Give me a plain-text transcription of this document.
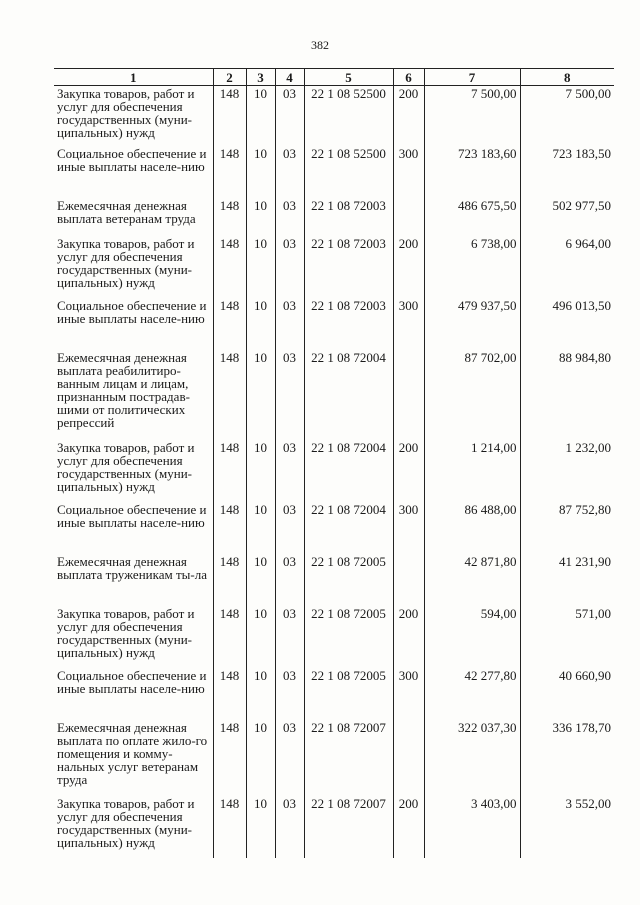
382
1	2	3	4	5	6	7	8
Закупка товаров, работ и услуг для обеспечения государственных (муни-ципальных) нужд	148	10	03	22 1 08 52500	200	7 500,00	7 500,00
Социальное обеспечение и иные выплаты населе-нию	148	10	03	22 1 08 52500	300	723 183,60	723 183,50
Ежемесячная денежная выплата ветеранам труда	148	10	03	22 1 08 72003		486 675,50	502 977,50
Закупка товаров, работ и услуг для обеспечения государственных (муни-ципальных) нужд	148	10	03	22 1 08 72003	200	6 738,00	6 964,00
Социальное обеспечение и иные выплаты населе-нию	148	10	03	22 1 08 72003	300	479 937,50	496 013,50
Ежемесячная денежная выплата реабилитиро-ванным лицам и лицам, признанным пострадав-шими от политических репрессий	148	10	03	22 1 08 72004		87 702,00	88 984,80
Закупка товаров, работ и услуг для обеспечения государственных (муни-ципальных) нужд	148	10	03	22 1 08 72004	200	1 214,00	1 232,00
Социальное обеспечение и иные выплаты населе-нию	148	10	03	22 1 08 72004	300	86 488,00	87 752,80
Ежемесячная денежная выплата труженикам ты-ла	148	10	03	22 1 08 72005		42 871,80	41 231,90
Закупка товаров, работ и услуг для обеспечения государственных (муни-ципальных) нужд	148	10	03	22 1 08 72005	200	594,00	571,00
Социальное обеспечение и иные выплаты населе-нию	148	10	03	22 1 08 72005	300	42 277,80	40 660,90
Ежемесячная денежная выплата по оплате жило-го помещения и комму-нальных услуг ветеранам труда	148	10	03	22 1 08 72007		322 037,30	336 178,70
Закупка товаров, работ и услуг для обеспечения государственных (муни-ципальных) нужд	148	10	03	22 1 08 72007	200	3 403,00	3 552,00
